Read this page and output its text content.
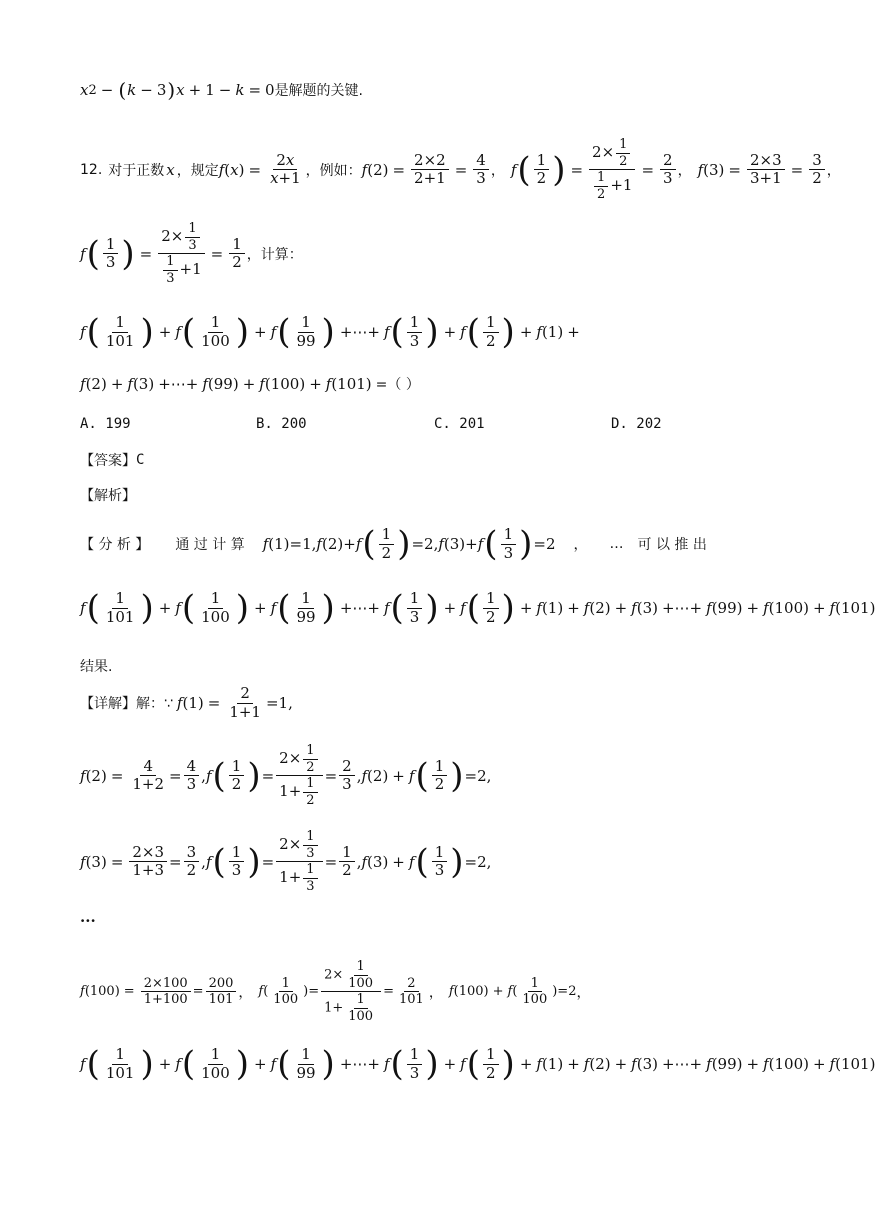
x 2 − ( k − 3 ) x + 1 − k = 0 是解题的关键.
12. 对于正数 x ，规定 f ( x ) = $\frac{2x}{x+1}$ ，例如： f $(2) = \frac{2\times 2}{2+1} = \frac{4}{3}$ ， f ( $\frac{1}{2}$ ) = $\frac{2\times \frac{1}{2}}{\frac{1}{2} +1} = \frac{2}{3}$ ， f $(3) = \frac{2\times 3}{3+1} = \frac{3}{2}$ ，
f ( $\frac{1}{3}$ ) = $\frac{2\times \frac{1}{3}}{\frac{1}{3} +1} = \frac{1}{2}$ ，计算：
f ( $\frac{1}{101}$ ) + f ( $\frac{1}{100}$ ) + f ( $\frac{1}{99}$ ) +⋯+ f ( $\frac{1}{3}$ ) + f ( $\frac{1}{2}$ ) + f (1) +
f (2) + f (3) +⋯+ f (99) + f (100) + f (101) =（ ）
A. 199	B. 200	C. 201	D. 202
【答案】 C
【解析】
【 分 析 】 通 过 计 算 f (1)=1, f (2)+ f ( $\frac{1}{2}$ ) =2, f (3)+ f ( $\frac{1}{3}$ ) =2 ， … 可 以 推 出
f ( $\frac{1}{101}$ ) + f ( $\frac{1}{100}$ ) + f ( $\frac{1}{99}$ ) +⋯+ f ( $\frac{1}{3}$ ) + f ( $\frac{1}{2}$ ) + f (1) + f (2) + f (3) +⋯+ f (99) + f (100) + f (101)
结果.
【详解】 解：∵ f $(1) = \frac{2}{1+1} =1$,
f $(2) = \frac{4}{1+2} = \frac{4}{3}$ , f ( $\frac{1}{2}$ ) = $\frac{2\times \frac{1}{2}}{1+ \frac{1}{2}} = \frac{2}{3}$ , f (2) + f ( $\frac{1}{2}$ ) =2,
f $(3) = \frac{2\times 3}{1+3} = \frac{3}{2}$ , f ( $\frac{1}{3}$ ) = $\frac{2\times \frac{1}{3}}{1+ \frac{1}{3}} = \frac{1}{2}$ , f (3) + f ( $\frac{1}{3}$ ) =2,
···
f $(100) = \frac{2\times 100}{1+100} = \frac{200}{101}$ ， f ( $\frac{1}{100}$ )= $\frac{2\times \frac{1}{100}}{1+ \frac{1}{100}} = \frac{2}{101}$ ， f (100) + f ( $\frac{1}{100} )=2$ ，
f ( $\frac{1}{101}$ ) + f ( $\frac{1}{100}$ ) + f ( $\frac{1}{99}$ ) +⋯+ f ( $\frac{1}{3}$ ) + f ( $\frac{1}{2}$ ) + f (1) + f (2) + f (3) +⋯+ f (99) + f (100) + f (101)
